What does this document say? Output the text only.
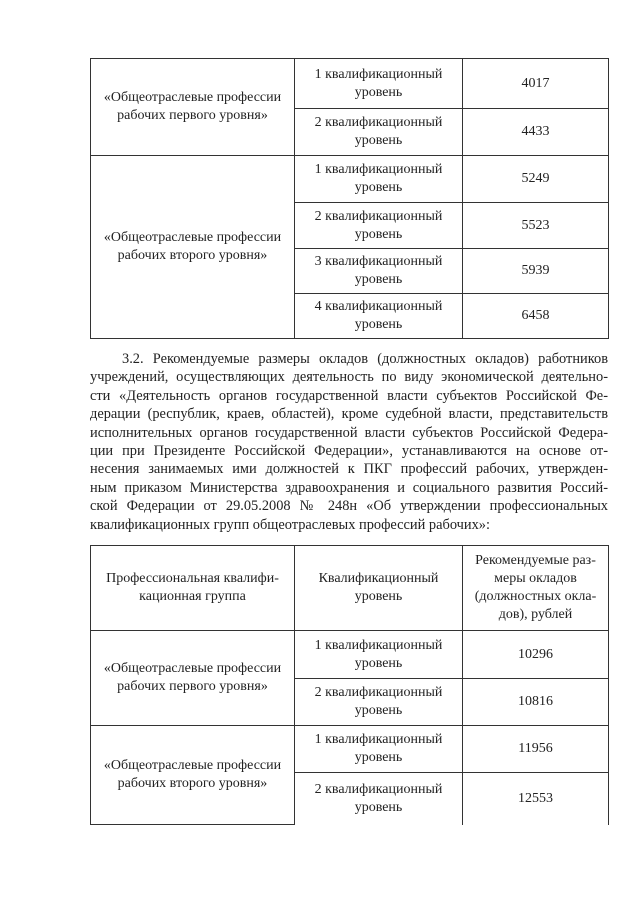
«Общеотраслевые профессии рабочих первого уровня»	1 квалификационный уровень	4017
	2 квалификационный уровень	4433
«Общеотраслевые профессии рабочих второго уровня»	1 квалификационный уровень	5249
	2 квалификационный уровень	5523
	3 квалификационный уровень	5939
	4 квалификационный уровень	6458
3.2. Рекомендуемые размеры окладов (должностных окладов) работников
учреждений, осуществляющих деятельность по виду экономической деятельно-
сти «Деятельность органов государственной власти субъектов Российской Фе-
дерации (республик, краев, областей), кроме судебной власти, представительств
исполнительных органов государственной власти субъектов Российской Федера-
ции при Президенте Российской Федерации», устанавливаются на основе от-
несения занимаемых ими должностей к ПКГ профессий рабочих, утвержден-
ным приказом Министерства здравоохранения и социального развития Россий-
ской Федерации от 29.05.2008 № 248н «Об утверждении профессиональных
квалификационных групп общеотраслевых профессий рабочих»:
Профессиональная квалифи-кационная группа	Квалификационный уровень	Рекомендуемые раз-меры окладов (должностных окла-дов), рублей
«Общеотраслевые профессии рабочих первого уровня»	1 квалификационный уровень	10296
	2 квалификационный уровень	10816
«Общеотраслевые профессии рабочих второго уровня»	1 квалификационный уровень	11956
	2 квалификационный уровень	12553
